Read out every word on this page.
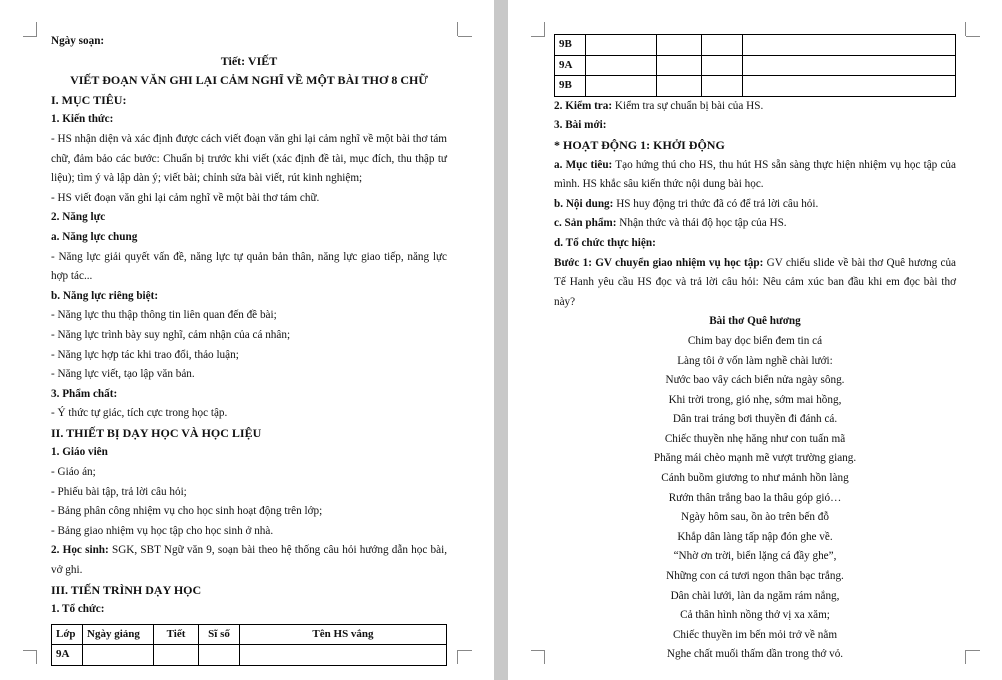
Ngày soạn:
Tiết: VIẾT
VIẾT ĐOẠN VĂN GHI LẠI CẢM NGHĨ VỀ MỘT BÀI THƠ 8 CHỮ
I. MỤC TIÊU:
1. Kiến thức:
- HS nhận diện và xác định được cách viết đoạn văn ghi lại cảm nghĩ về một bài thơ tám chữ, đảm bảo các bước: Chuẩn bị trước khi viết (xác định đề tài, mục đích, thu thập tư liệu); tìm ý và lập dàn ý; viết bài; chỉnh sửa bài viết, rút kinh nghiệm;
- HS viết đoạn văn ghi lại cảm nghĩ về một bài thơ tám chữ.
2. Năng lực
a. Năng lực chung
- Năng lực giải quyết vấn đề, năng lực tự quản bản thân, năng lực giao tiếp, năng lực hợp tác...
b. Năng lực riêng biệt:
- Năng lực thu thập thông tin liên quan đến đề bài;
- Năng lực trình bày suy nghĩ, cảm nhận của cá nhân;
- Năng lực hợp tác khi trao đổi, thảo luận;
- Năng lực viết, tạo lập văn bản.
3. Phẩm chất:
- Ý thức tự giác, tích cực trong học tập.
II. THIẾT BỊ DẠY HỌC VÀ HỌC LIỆU
1. Giáo viên
- Giáo án;
- Phiếu bài tập, trả lời câu hỏi;
- Bảng phân công nhiệm vụ cho học sinh hoạt động trên lớp;
- Bảng giao nhiệm vụ học tập cho học sinh ở nhà.
2. Học sinh: SGK, SBT Ngữ văn 9, soạn bài theo hệ thống câu hỏi hướng dẫn học bài, vở ghi.
III. TIẾN TRÌNH DẠY HỌC
1. Tổ chức:
Lớp	Ngày giảng	Tiết	Sĩ số	Tên HS vắng
9A				
9B				
9A				
9B				
2. Kiểm tra: Kiểm tra sự chuẩn bị bài của HS.
3. Bài mới:
* HOẠT ĐỘNG 1: KHỞI ĐỘNG
a. Mục tiêu: Tạo hứng thú cho HS, thu hút HS sẵn sàng thực hiện nhiệm vụ học tập của mình. HS khắc sâu kiến thức nội dung bài học.
b. Nội dung: HS huy động tri thức đã có để trả lời câu hỏi.
c. Sản phẩm: Nhận thức và thái độ học tập của HS.
d. Tổ chức thực hiện:
Bước 1: GV chuyển giao nhiệm vụ học tập: GV chiếu slide về bài thơ Quê hương của Tế Hanh yêu cầu HS đọc và trả lời câu hỏi: Nêu cảm xúc ban đầu khi em đọc bài thơ này?
Bài thơ Quê hương
Chim bay dọc biển đem tin cá
Làng tôi ở vốn làm nghề chài lưới:
Nước bao vây cách biển nửa ngày sông.
Khi trời trong, gió nhẹ, sớm mai hồng,
Dân trai tráng bơi thuyền đi đánh cá.
Chiếc thuyền nhẹ hăng như con tuấn mã
Phăng mái chèo mạnh mẽ vượt trường giang.
Cánh buồm giương to như mảnh hồn làng
Rướn thân trắng bao la thâu góp gió…
Ngày hôm sau, ồn ào trên bến đỗ
Khắp dân làng tấp nập đón ghe về.
“Nhờ ơn trời, biển lặng cá đầy ghe”,
Những con cá tươi ngon thân bạc trắng.
Dân chài lưới, làn da ngăm rám nắng,
Cả thân hình nồng thở vị xa xăm;
Chiếc thuyền im bến mỏi trở về nằm
Nghe chất muối thấm dần trong thớ vỏ.
